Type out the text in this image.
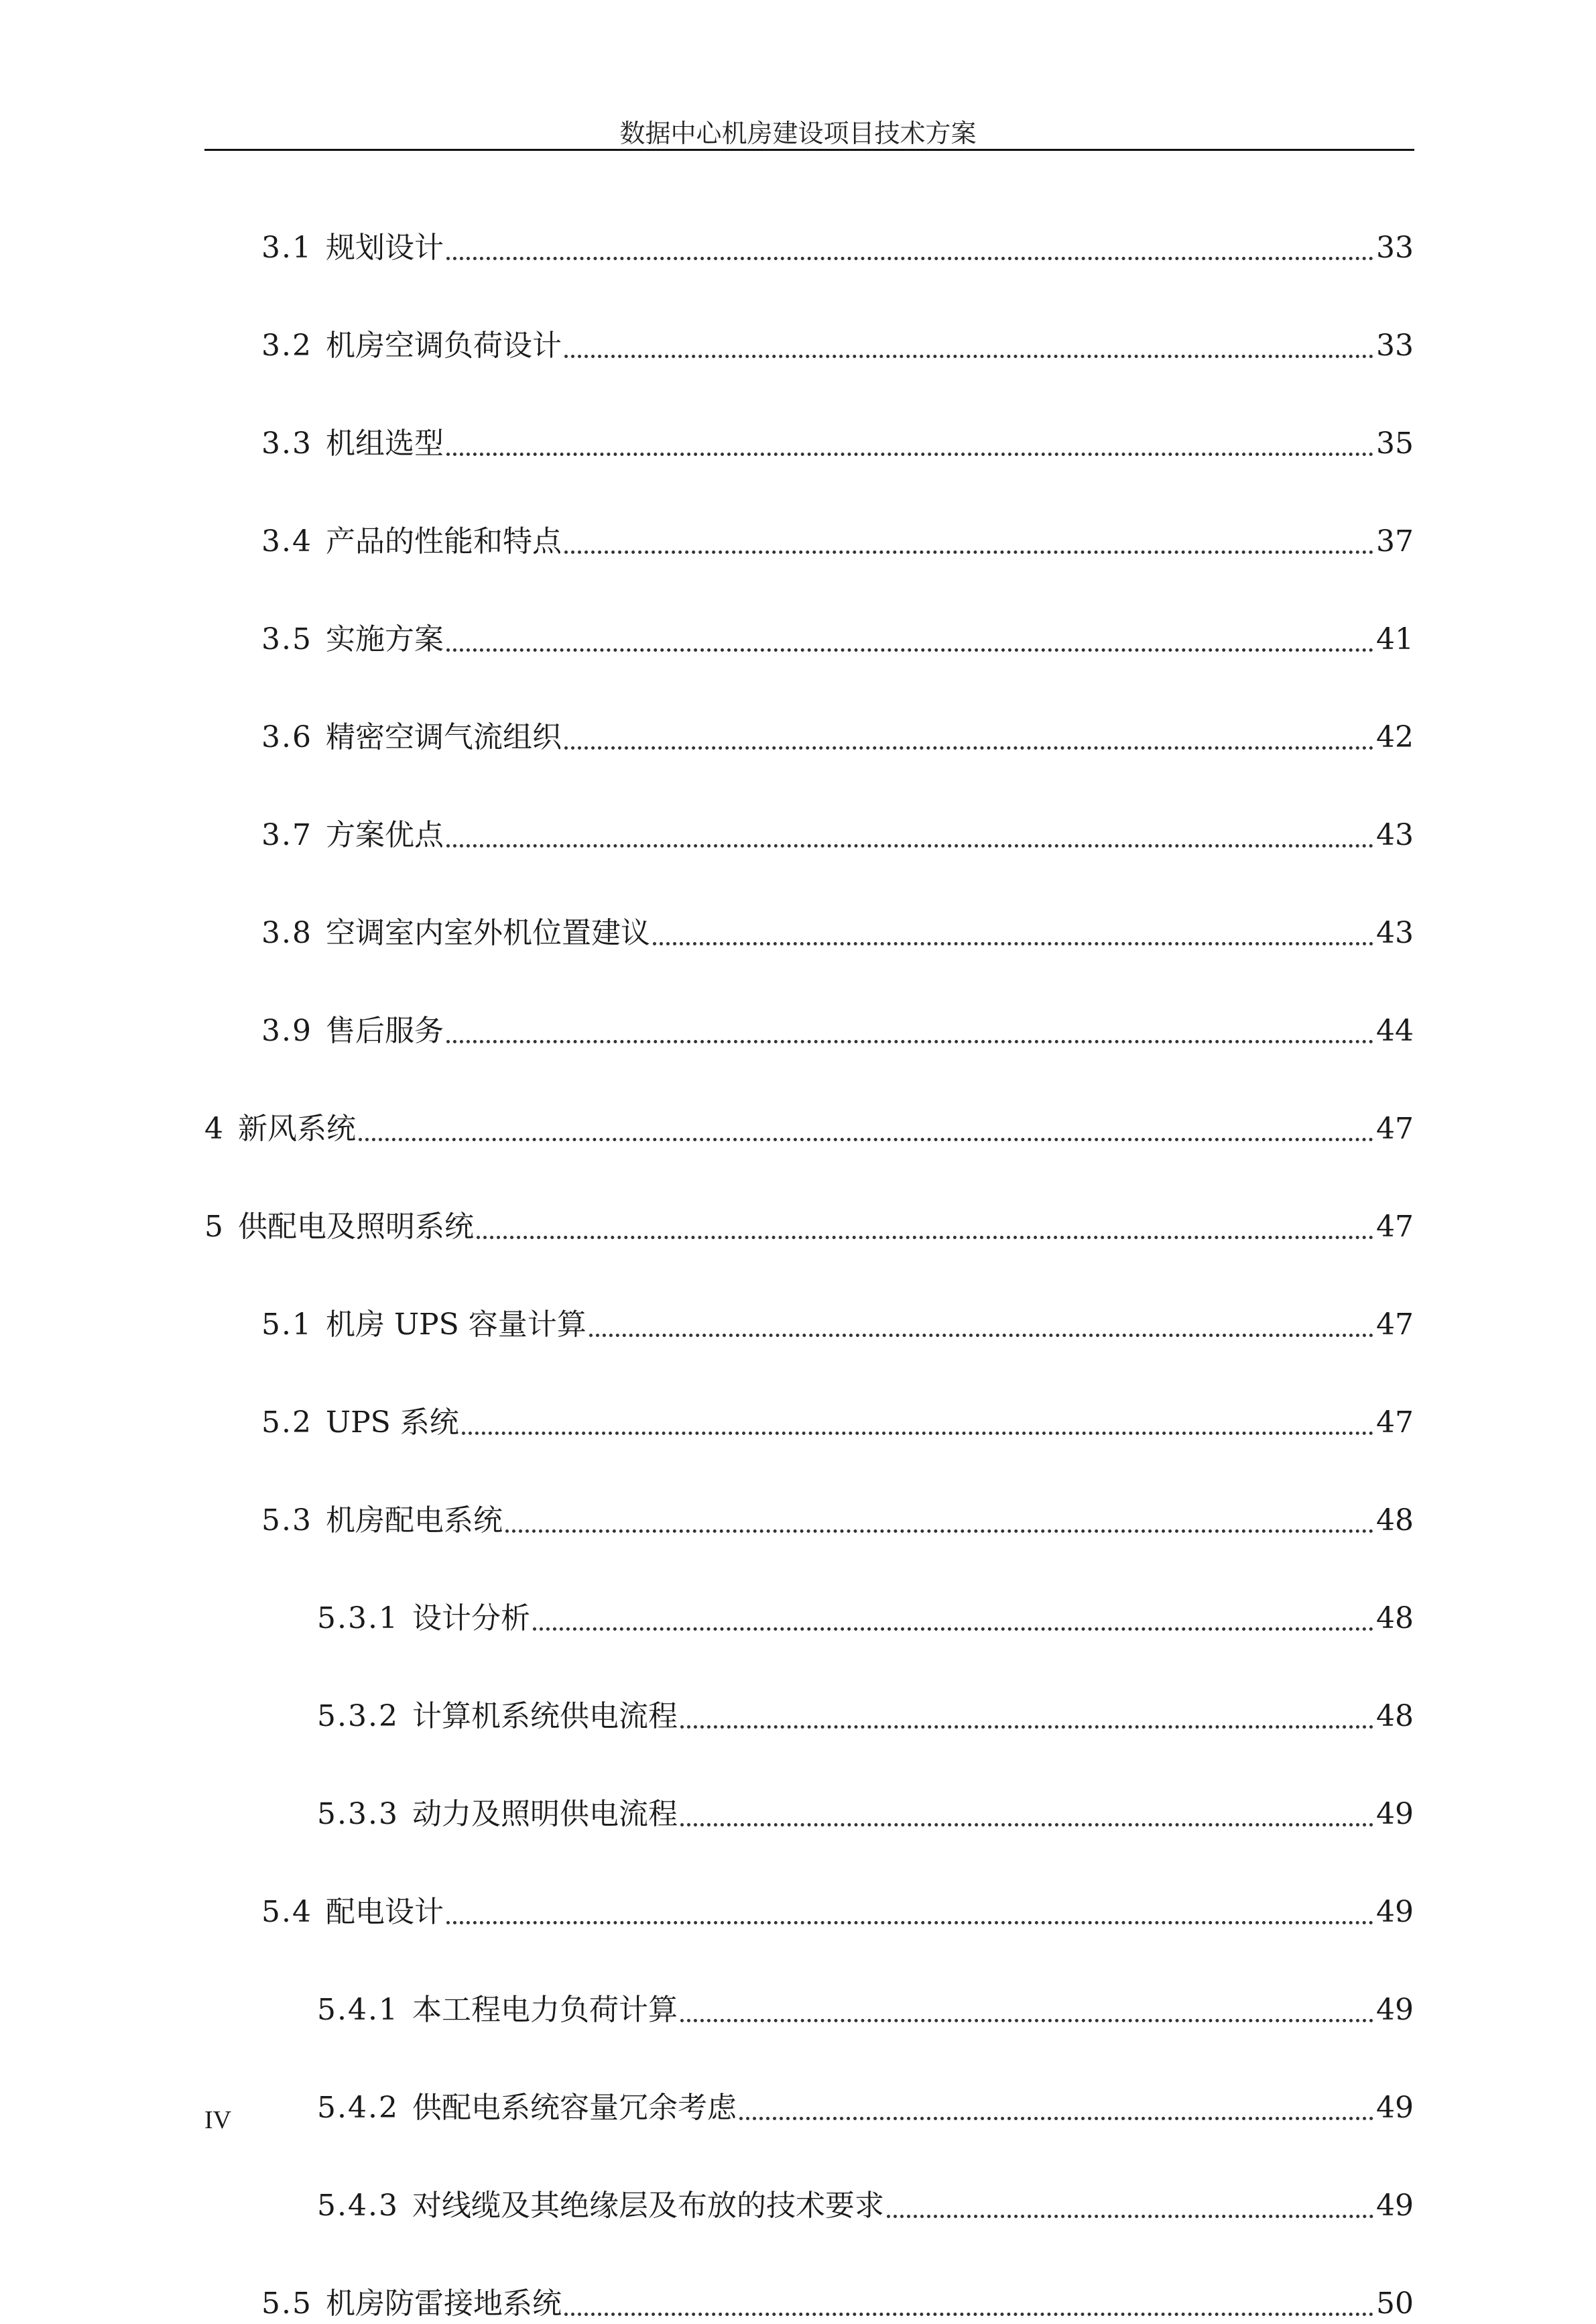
数据中心机房建设项目技术方案
3.1 规划设计	33
3.2 机房空调负荷设计	33
3.3 机组选型	35
3.4 产品的性能和特点	37
3.5 实施方案	41
3.6 精密空调气流组织	42
3.7 方案优点	43
3.8 空调室内室外机位置建议	43
3.9 售后服务	44
4 新风系统	47
5 供配电及照明系统	47
5.1 机房 UPS 容量计算	47
5.2 UPS 系统	47
5.3 机房配电系统	48
5.3.1 设计分析	48
5.3.2 计算机系统供电流程	48
5.3.3 动力及照明供电流程	49
5.4 配电设计	49
5.4.1 本工程电力负荷计算	49
5.4.2 供配电系统容量冗余考虑	49
5.4.3 对线缆及其绝缘层及布放的技术要求	49
5.5 机房防雷接地系统	50
IV
